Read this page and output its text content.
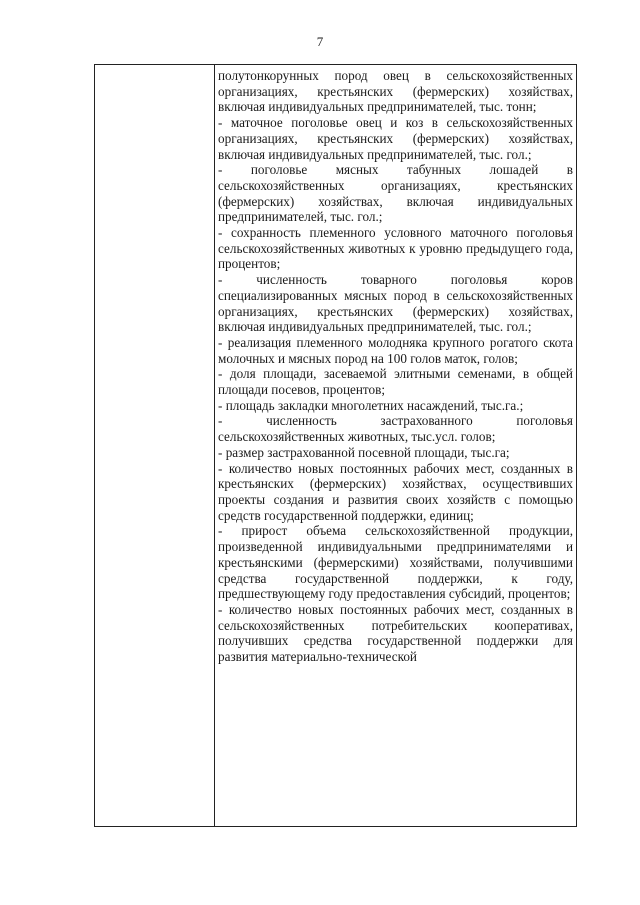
7

полутонкорунных пород овец в сельскохозяйственных организациях, крестьянских (фермерских) хозяйствах, включая индивидуальных предпринимателей, тыс. тонн;

- маточное поголовье овец и коз в сельскохозяйственных организациях, крестьянских (фермерских) хозяйствах, включая индивидуальных предпринимателей, тыс. гол.;

- поголовье мясных табунных лошадей в сельскохозяйственных организациях, крестьянских (фермерских) хозяйствах, включая индивидуальных предпринимателей, тыс. гол.;

- сохранность племенного условного маточного поголовья сельскохозяйственных животных к уровню предыдущего года, процентов;

- численность товарного поголовья коров специализированных мясных пород в сельскохозяйственных организациях, крестьянских (фермерских) хозяйствах, включая индивидуальных предпринимателей, тыс. гол.;

- реализация племенного молодняка крупного рогатого скота молочных и мясных пород на 100 голов маток, голов;

- доля площади, засеваемой элитными семенами, в общей площади посевов, процентов;

- площадь закладки многолетних насаждений, тыс.га.;

- численность застрахованного поголовья сельскохозяйственных животных, тыс.усл. голов;

- размер застрахованной посевной площади, тыс.га;

- количество новых постоянных рабочих мест, созданных в крестьянских (фермерских) хозяйствах, осуществивших проекты создания и развития своих хозяйств с помощью средств государственной поддержки, единиц;

- прирост объема сельскохозяйственной продукции, произведенной индивидуальными предпринимателями и крестьянскими (фермерскими) хозяйствами, получившими средства государственной поддержки, к году, предшествующему году предоставления субсидий, процентов;

- количество новых постоянных рабочих мест, созданных в сельскохозяйственных потребительских кооперативах, получивших средства государственной поддержки для развития материально-технической
